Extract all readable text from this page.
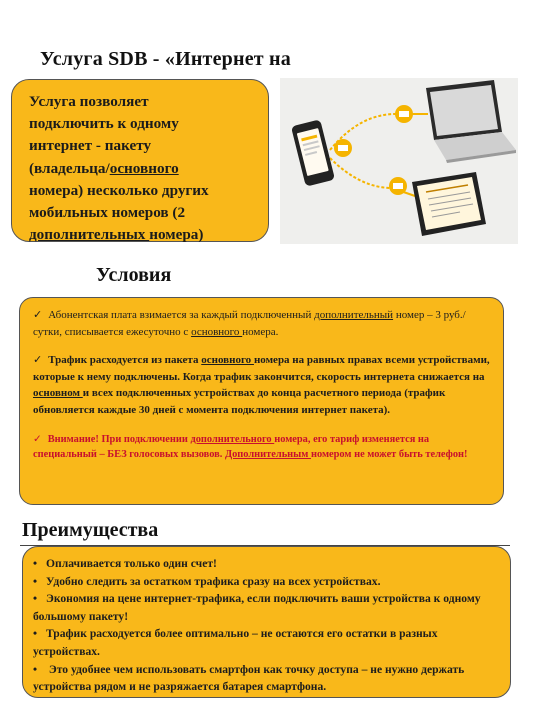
Услуга SDB - «Интернет на
Услуга позволяет
подключить к одному
интернет - пакету
(владельца/основного
номера) несколько других
мобильных номеров (2
дополнительных номера)
Условия

✓ Абонентская плата взимается за каждый подключенный дополнительный номер – 3 руб./сутки, списывается ежесуточно с основного номера.

✓ Трафик расходуется из пакета основного номера на равных правах всеми устройствами, которые к нему подключены. Когда трафик закончится, скорость интернета снижается на основном и всех подключенных устройствах до конца расчетного периода (трафик обновляется каждые 30 дней с момента подключения интернет пакета).

✓ Внимание! При подключении дополнительного номера, его тариф изменяется на специальный – БЕЗ голосовых вызовов. Дополнительным номером не может быть телефон!

Преимущества

• Оплачивается только один счет!

• Удобно следить за остатком трафика сразу на всех устройствах.

• Экономия на цене интернет-трафика, если подключить ваши устройства к одному большому пакету!

• Трафик расходуется более оптимально – не остаются его остатки в разных устройствах.

• Это удобнее чем использовать смартфон как точку доступа – не нужно держать устройства рядом и не разряжается батарея смартфона.
